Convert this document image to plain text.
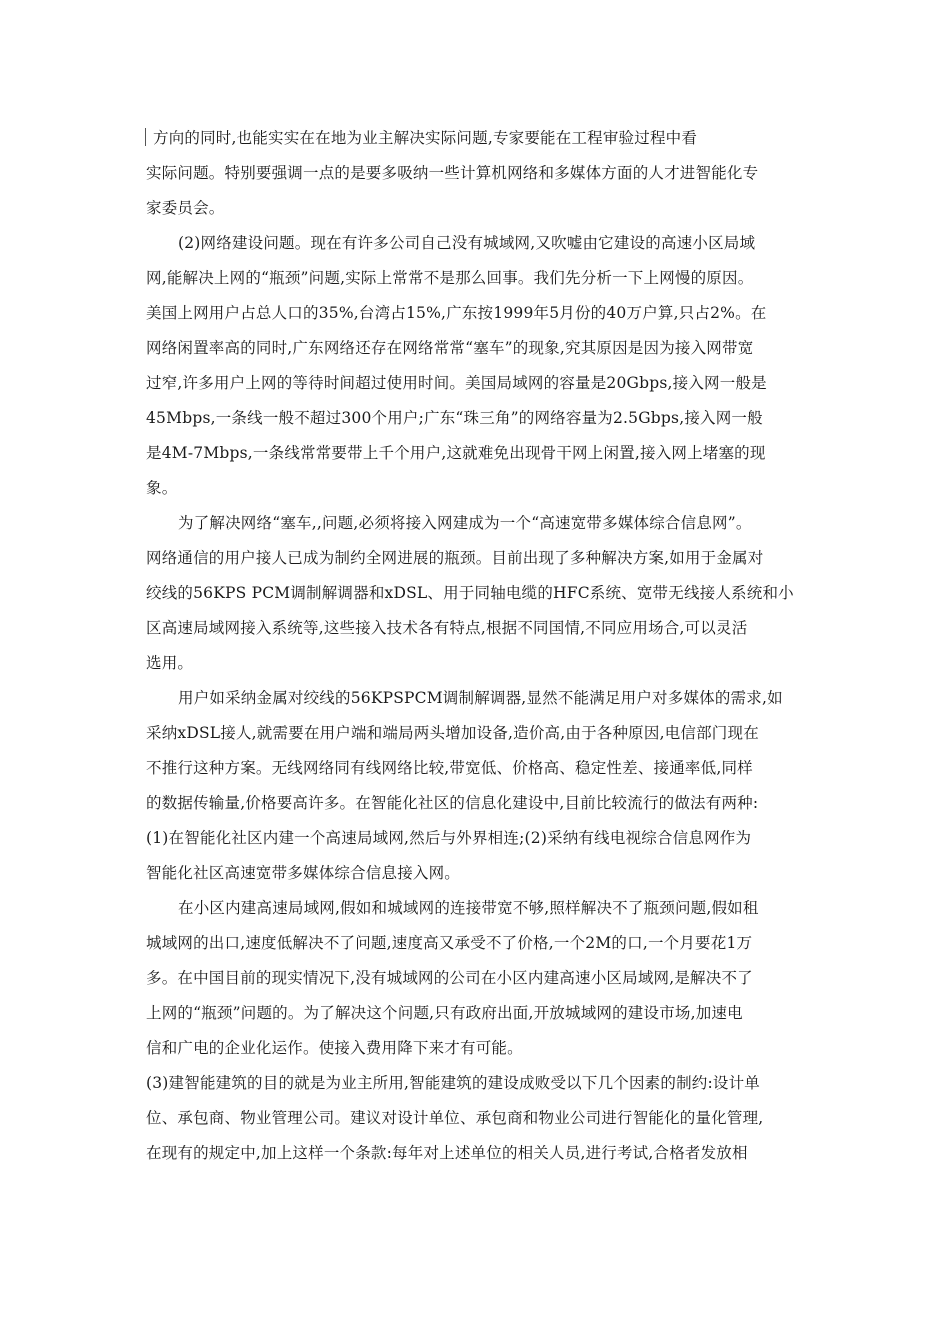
方向的同时,也能实实在在地为业主解决实际问题,专家要能在工程审验过程中看
实际问题。特别要强调一点的是要多吸纳一些计算机网络和多媒体方面的人才进智能化专
家委员会。
(2)网络建设问题。现在有许多公司自己没有城域网,又吹嘘由它建设的高速小区局域
网,能解决上网的“瓶颈”问题,实际上常常不是那么回事。我们先分析一下上网慢的原因。
美国上网用户占总人口的35%,台湾占15%,广东按1999年5月份的40万户算,只占2%。在
网络闲置率高的同时,广东网络还存在网络常常“塞车”的现象,究其原因是因为接入网带宽
过窄,许多用户上网的等待时间超过使用时间。美国局域网的容量是20Gbps,接入网一般是
45Mbps,一条线一般不超过300个用户;广东“珠三角”的网络容量为2.5Gbps,接入网一般
是4M-7Mbps,一条线常常要带上千个用户,这就难免出现骨干网上闲置,接入网上堵塞的现
象。
为了解决网络“塞车,,问题,必须将接入网建成为一个“高速宽带多媒体综合信息网”。
网络通信的用户接人已成为制约全网进展的瓶颈。目前出现了多种解决方案,如用于金属对
绞线的56KPS PCM调制解调器和xDSL、用于同轴电缆的HFC系统、宽带无线接人系统和小
区高速局域网接入系统等,这些接入技术各有特点,根据不同国情,不同应用场合,可以灵活
选用。
用户如采纳金属对绞线的56KPSPCM调制解调器,显然不能满足用户对多媒体的需求,如
采纳xDSL接人,就需要在用户端和端局两头增加设备,造价高,由于各种原因,电信部门现在
不推行这种方案。无线网络同有线网络比较,带宽低、价格高、稳定性差、接通率低,同样
的数据传输量,价格要高许多。在智能化社区的信息化建设中,目前比较流行的做法有两种:
(1)在智能化社区内建一个高速局域网,然后与外界相连;(2)采纳有线电视综合信息网作为
智能化社区高速宽带多媒体综合信息接入网。
在小区内建高速局域网,假如和城域网的连接带宽不够,照样解决不了瓶颈问题,假如租
城域网的出口,速度低解决不了问题,速度高又承受不了价格,一个2M的口,一个月要花1万
多。在中国目前的现实情况下,没有城域网的公司在小区内建高速小区局域网,是解决不了
上网的“瓶颈”问题的。为了解决这个问题,只有政府出面,开放城域网的建设市场,加速电
信和广电的企业化运作。使接入费用降下来才有可能。
(3)建智能建筑的目的就是为业主所用,智能建筑的建设成败受以下几个因素的制约:设计单
位、承包商、物业管理公司。建议对设计单位、承包商和物业公司进行智能化的量化管理,
在现有的规定中,加上这样一个条款:每年对上述单位的相关人员,进行考试,合格者发放相
